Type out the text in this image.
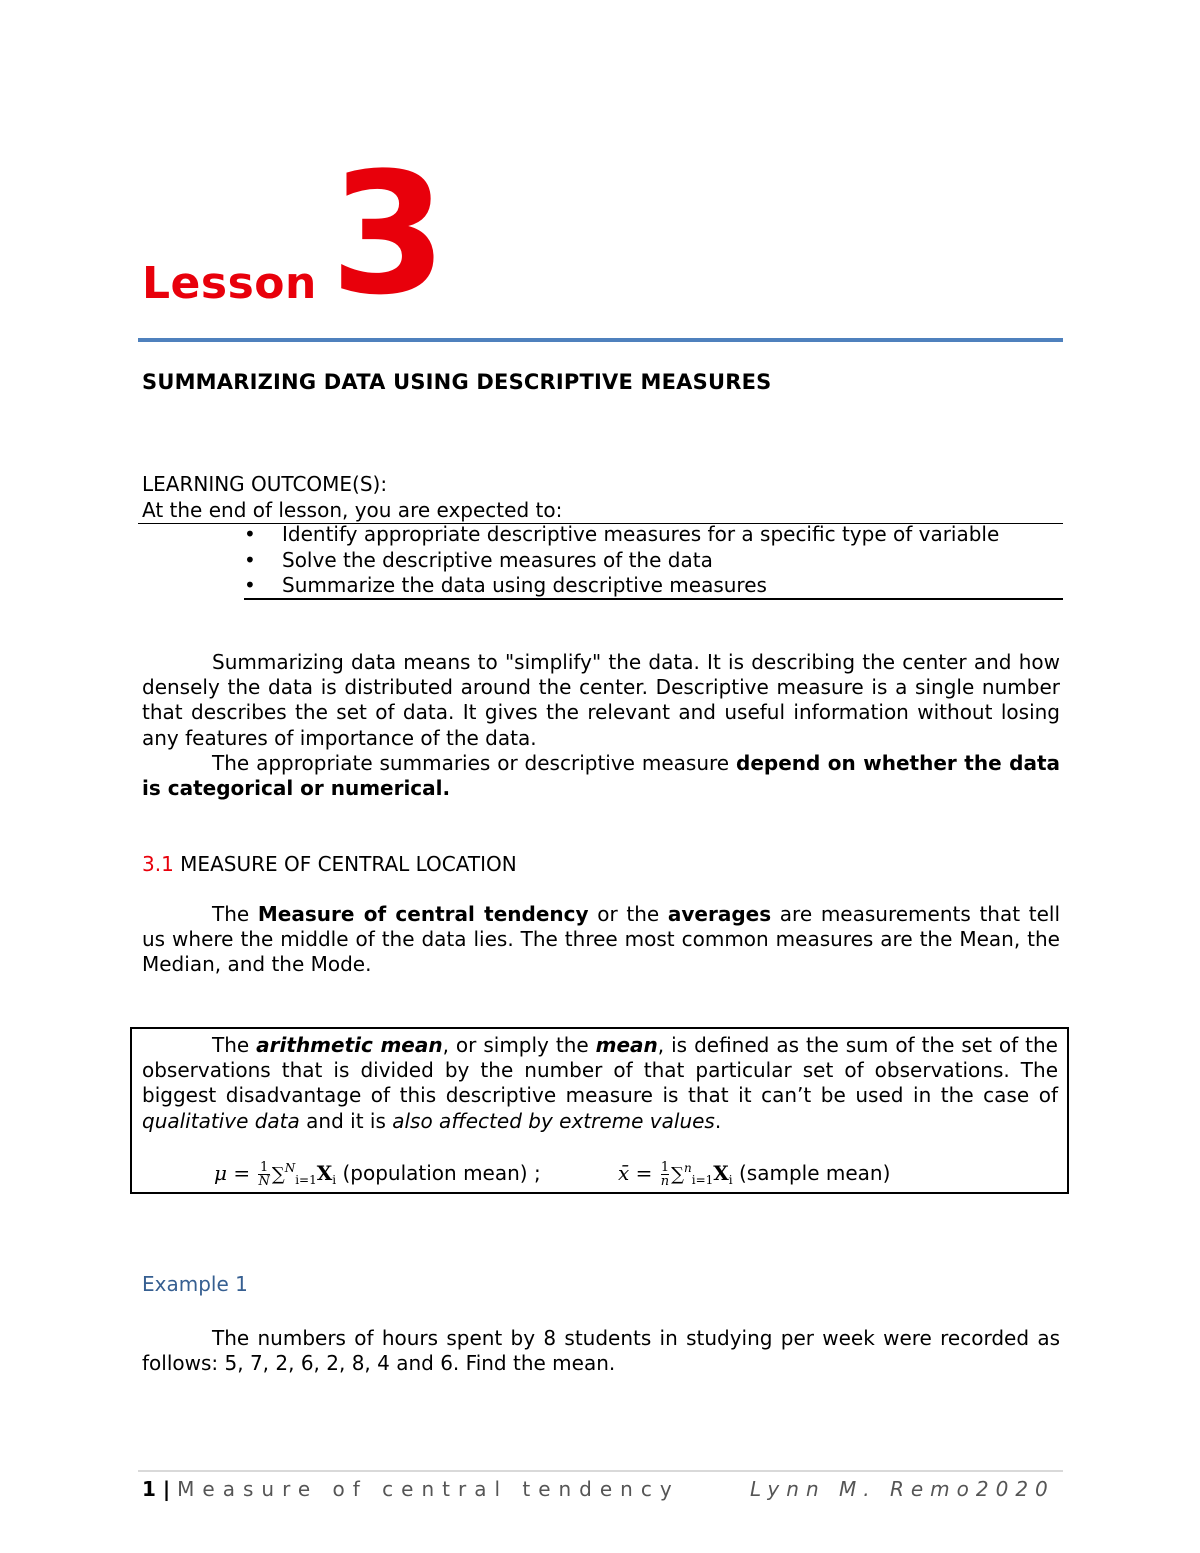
Lesson 3
SUMMARIZING DATA USING DESCRIPTIVE MEASURES
LEARNING OUTCOME(S):
At the end of lesson, you are expected to:
• Identify appropriate descriptive measures for a specific type of variable
• Solve the descriptive measures of the data
• Summarize the data using descriptive measures

Summarizing data means to "simplify" the data. It is describing the center and how densely the data is distributed around the center. Descriptive measure is a single number that describes the set of data. It gives the relevant and useful information without losing any features of importance of the data.
The appropriate summaries or descriptive measure depend on whether the data is categorical or numerical.

3.1 MEASURE OF CENTRAL LOCATION

The Measure of central tendency or the averages are measurements that tell us where the middle of the data lies. The three most common measures are the Mean, the Median, and the Mode.

The arithmetic mean, or simply the mean, is defined as the sum of the set of the observations that is divided by the number of that particular set of observations. The biggest disadvantage of this descriptive measure is that it can’t be used in the case of qualitative data and it is also affected by extreme values.

$\mu = \frac{1}{N} \sum^N_{i=1}X_i$ (population mean) ;	x̄ = $\frac{1}{n} \sum^n_{i=1}X_i$ (sample mean)
Example 1

The numbers of hours spent by 8 students in studying per week were recorded as follows: 5, 7, 2, 6, 2, 8, 4 and 6. Find the mean.

1 | Measure of central tendency	Lynn M. Remo2020
